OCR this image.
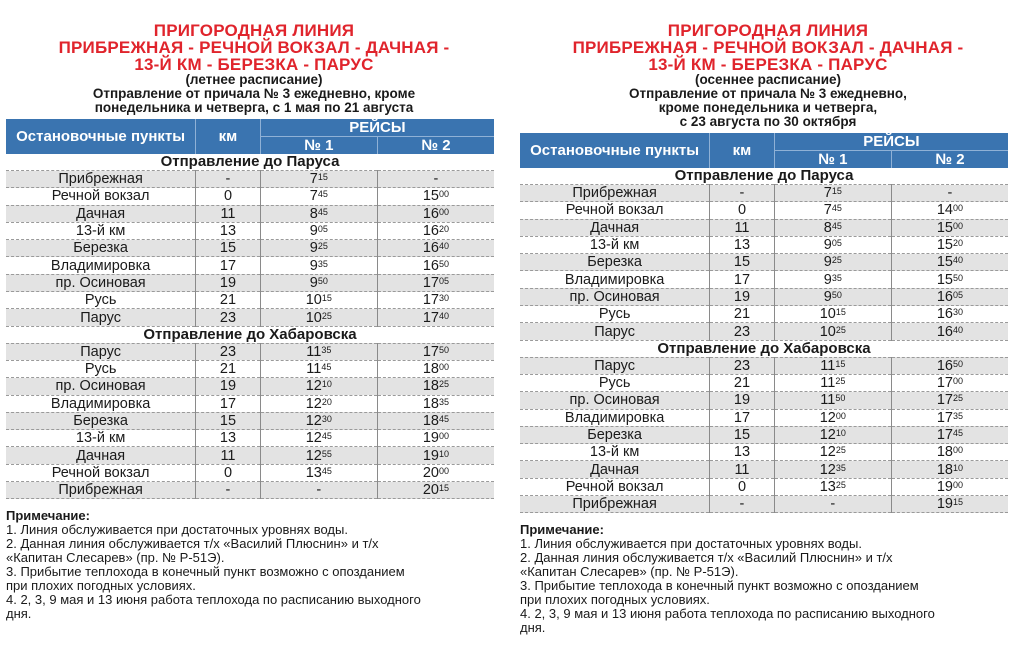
ПРИГОРОДНАЯ ЛИНИЯ
ПРИБРЕЖНАЯ - РЕЧНОЙ ВОКЗАЛ - ДАЧНАЯ -
13-Й КМ - БЕРЕЗКА - ПАРУС
(летнее расписание)
Отправление от причала № 3 ежедневно, кроме
понедельника и четверга, с 1 мая по 21 августа
Остановочные пункты	км	РЕЙСЫ	
		№ 1	№ 2
Отправление до Паруса			
Прибрежная	-	$7^{15}$	-
Речной вокзал	0	$7^{45}$	$15^{00}$
Дачная	11	$8^{45}$	$16^{00}$
13-й км	13	$9^{05}$	$16^{20}$
Березка	15	$9^{25}$	$16^{40}$
Владимировка	17	$9^{35}$	$16^{50}$
пр. Осиновая	19	$9^{50}$	$17^{05}$
Русь	21	$10^{15}$	$17^{30}$
Парус	23	$10^{25}$	$17^{40}$
Отправление до Хабаровска			
Парус	23	$11^{35}$	$17^{50}$
Русь	21	$11^{45}$	$18^{00}$
пр. Осиновая	19	$12^{10}$	$18^{25}$
Владимировка	17	$12^{20}$	$18^{35}$
Березка	15	$12^{30}$	$18^{45}$
13-й км	13	$12^{45}$	$19^{00}$
Дачная	11	$12^{55}$	$19^{10}$
Речной вокзал	0	$13^{45}$	$20^{00}$
Прибрежная	-	-	$20^{15}$
Примечание:
1. Линия обслуживается при достаточных уровнях воды.
2. Данная линия обслуживается т/х «Василий Плюснин» и т/х
«Капитан Слесарев» (пр. № Р-51Э).
3. Прибытие теплохода в конечный пункт возможно с опозданием
при плохих погодных условиях.
4. 2, 3, 9 мая и 13 июня работа теплохода по расписанию выходного
дня.
ПРИГОРОДНАЯ ЛИНИЯ
ПРИБРЕЖНАЯ - РЕЧНОЙ ВОКЗАЛ - ДАЧНАЯ -
13-Й КМ - БЕРЕЗКА - ПАРУС
(осеннее расписание)
Отправление от причала № 3 ежедневно,
кроме понедельника и четверга,
с 23 августа по 30 октября
Остановочные пункты	км	РЕЙСЫ	
		№ 1	№ 2
Отправление до Паруса			
Прибрежная	-	$7^{15}$	-
Речной вокзал	0	$7^{45}$	$14^{00}$
Дачная	11	$8^{45}$	$15^{00}$
13-й км	13	$9^{05}$	$15^{20}$
Березка	15	$9^{25}$	$15^{40}$
Владимировка	17	$9^{35}$	$15^{50}$
пр. Осиновая	19	$9^{50}$	$16^{05}$
Русь	21	$10^{15}$	$16^{30}$
Парус	23	$10^{25}$	$16^{40}$
Отправление до Хабаровска			
Парус	23	$11^{15}$	$16^{50}$
Русь	21	$11^{25}$	$17^{00}$
пр. Осиновая	19	$11^{50}$	$17^{25}$
Владимировка	17	$12^{00}$	$17^{35}$
Березка	15	$12^{10}$	$17^{45}$
13-й км	13	$12^{25}$	$18^{00}$
Дачная	11	$12^{35}$	$18^{10}$
Речной вокзал	0	$13^{25}$	$19^{00}$
Прибрежная	-	-	$19^{15}$
Примечание:
1. Линия обслуживается при достаточных уровнях воды.
2. Данная линия обслуживается т/х «Василий Плюснин» и т/х
«Капитан Слесарев» (пр. № Р-51Э).
3. Прибытие теплохода в конечный пункт возможно с опозданием
при плохих погодных условиях.
4. 2, 3, 9 мая и 13 июня работа теплохода по расписанию выходного
дня.
